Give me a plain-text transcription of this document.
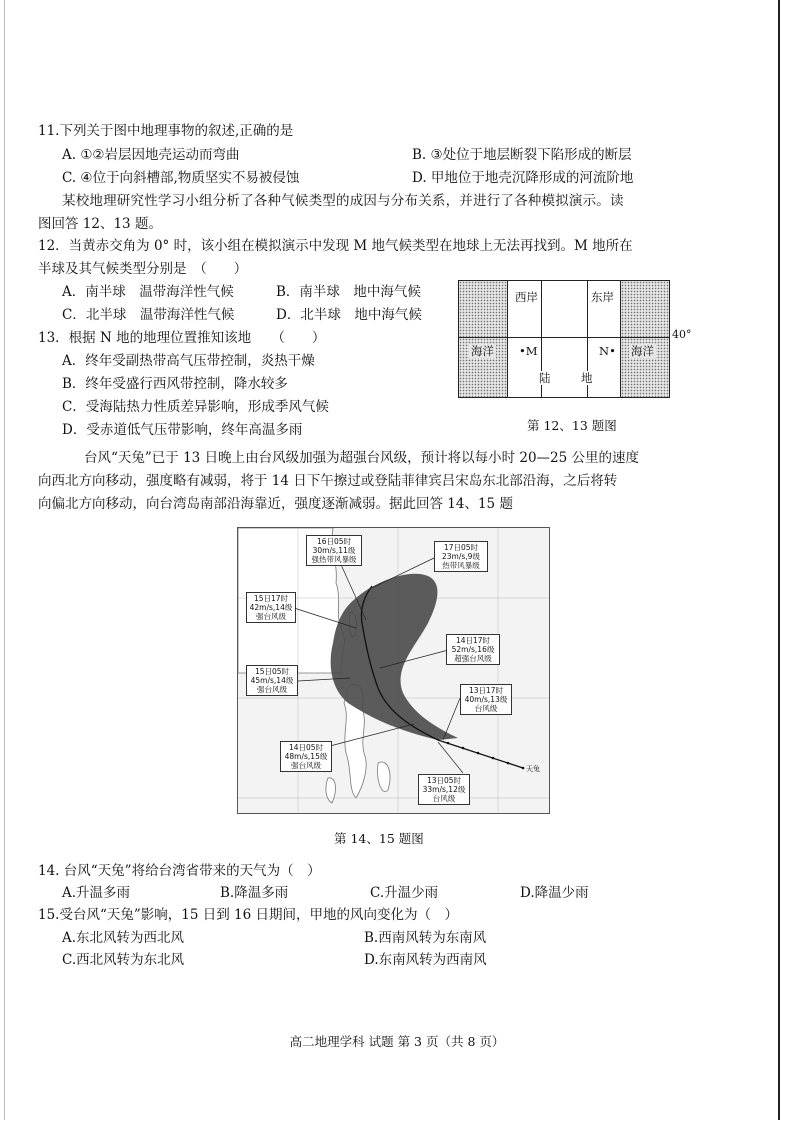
11.下列关于图中地理事物的叙述,正确的是
A. ①②岩层因地壳运动而弯曲	B. ③处位于地层断裂下陷形成的断层
C. ④位于向斜槽部,物质坚实不易被侵蚀	D. 甲地位于地壳沉降形成的河流阶地
某校地理研究性学习小组分析了各种气候类型的成因与分布关系，并进行了各种模拟演示。读
图回答 12、13 题。
12．当黄赤交角为 0° 时，该小组在模拟演示中发现 M 地气候类型在地球上无法再找到。M 地所在
半球及其气候类型分别是　（　　）
A．南半球　温带海洋性气候	B．南半球　地中海气候
C．北半球　温带海洋性气候	D．北半球　地中海气候
13．根据 N 地的地理位置推知该地　　（　　）
A．终年受副热带高气压带控制，炎热干燥
B．终年受盛行西风带控制，降水较多
C．受海陆热力性质差异影响，形成季风气候
D．受赤道低气压带影响，终年高温多雨
西岸	东岸
海洋	海洋
•M	N•
陆	地
40°
第 12、13 题图
台风“天兔”已于 13 日晚上由台风级加强为超强台风级，预计将以每小时 20—25 公里的速度
向西北方向移动，强度略有减弱，将于 14 日下午擦过或登陆菲律宾吕宋岛东北部沿海，之后将转
向偏北方向移动，向台湾岛南部沿海靠近，强度逐渐减弱。据此回答 14、15 题
16日05时
30m/s,11级
强热带风暴级
17日05时
23m/s,9级
热带风暴级
15日17时
42m/s,14级
强台风级
14日17时
52m/s,16级
超强台风级
15日05时
45m/s,14级
强台风级	13日17时
40m/s,13级
台风级
14日05时
48m/s,15级
强台风级
13日05时
33m/s,12级
台风级
天兔
第 14、15 题图
14. 台风“天兔”将给台湾省带来的天气为（　）
A.升温多雨	B.降温多雨	C.升温少雨	D.降温少雨
15.受台风“天兔”影响，15 日到 16 日期间，甲地的风向变化为（　）
A.东北风转为西北风	B.西南风转为东南风
C.西北风转为东北风	D.东南风转为西南风
高二地理学科 试题 第 3 页（共 8 页）
